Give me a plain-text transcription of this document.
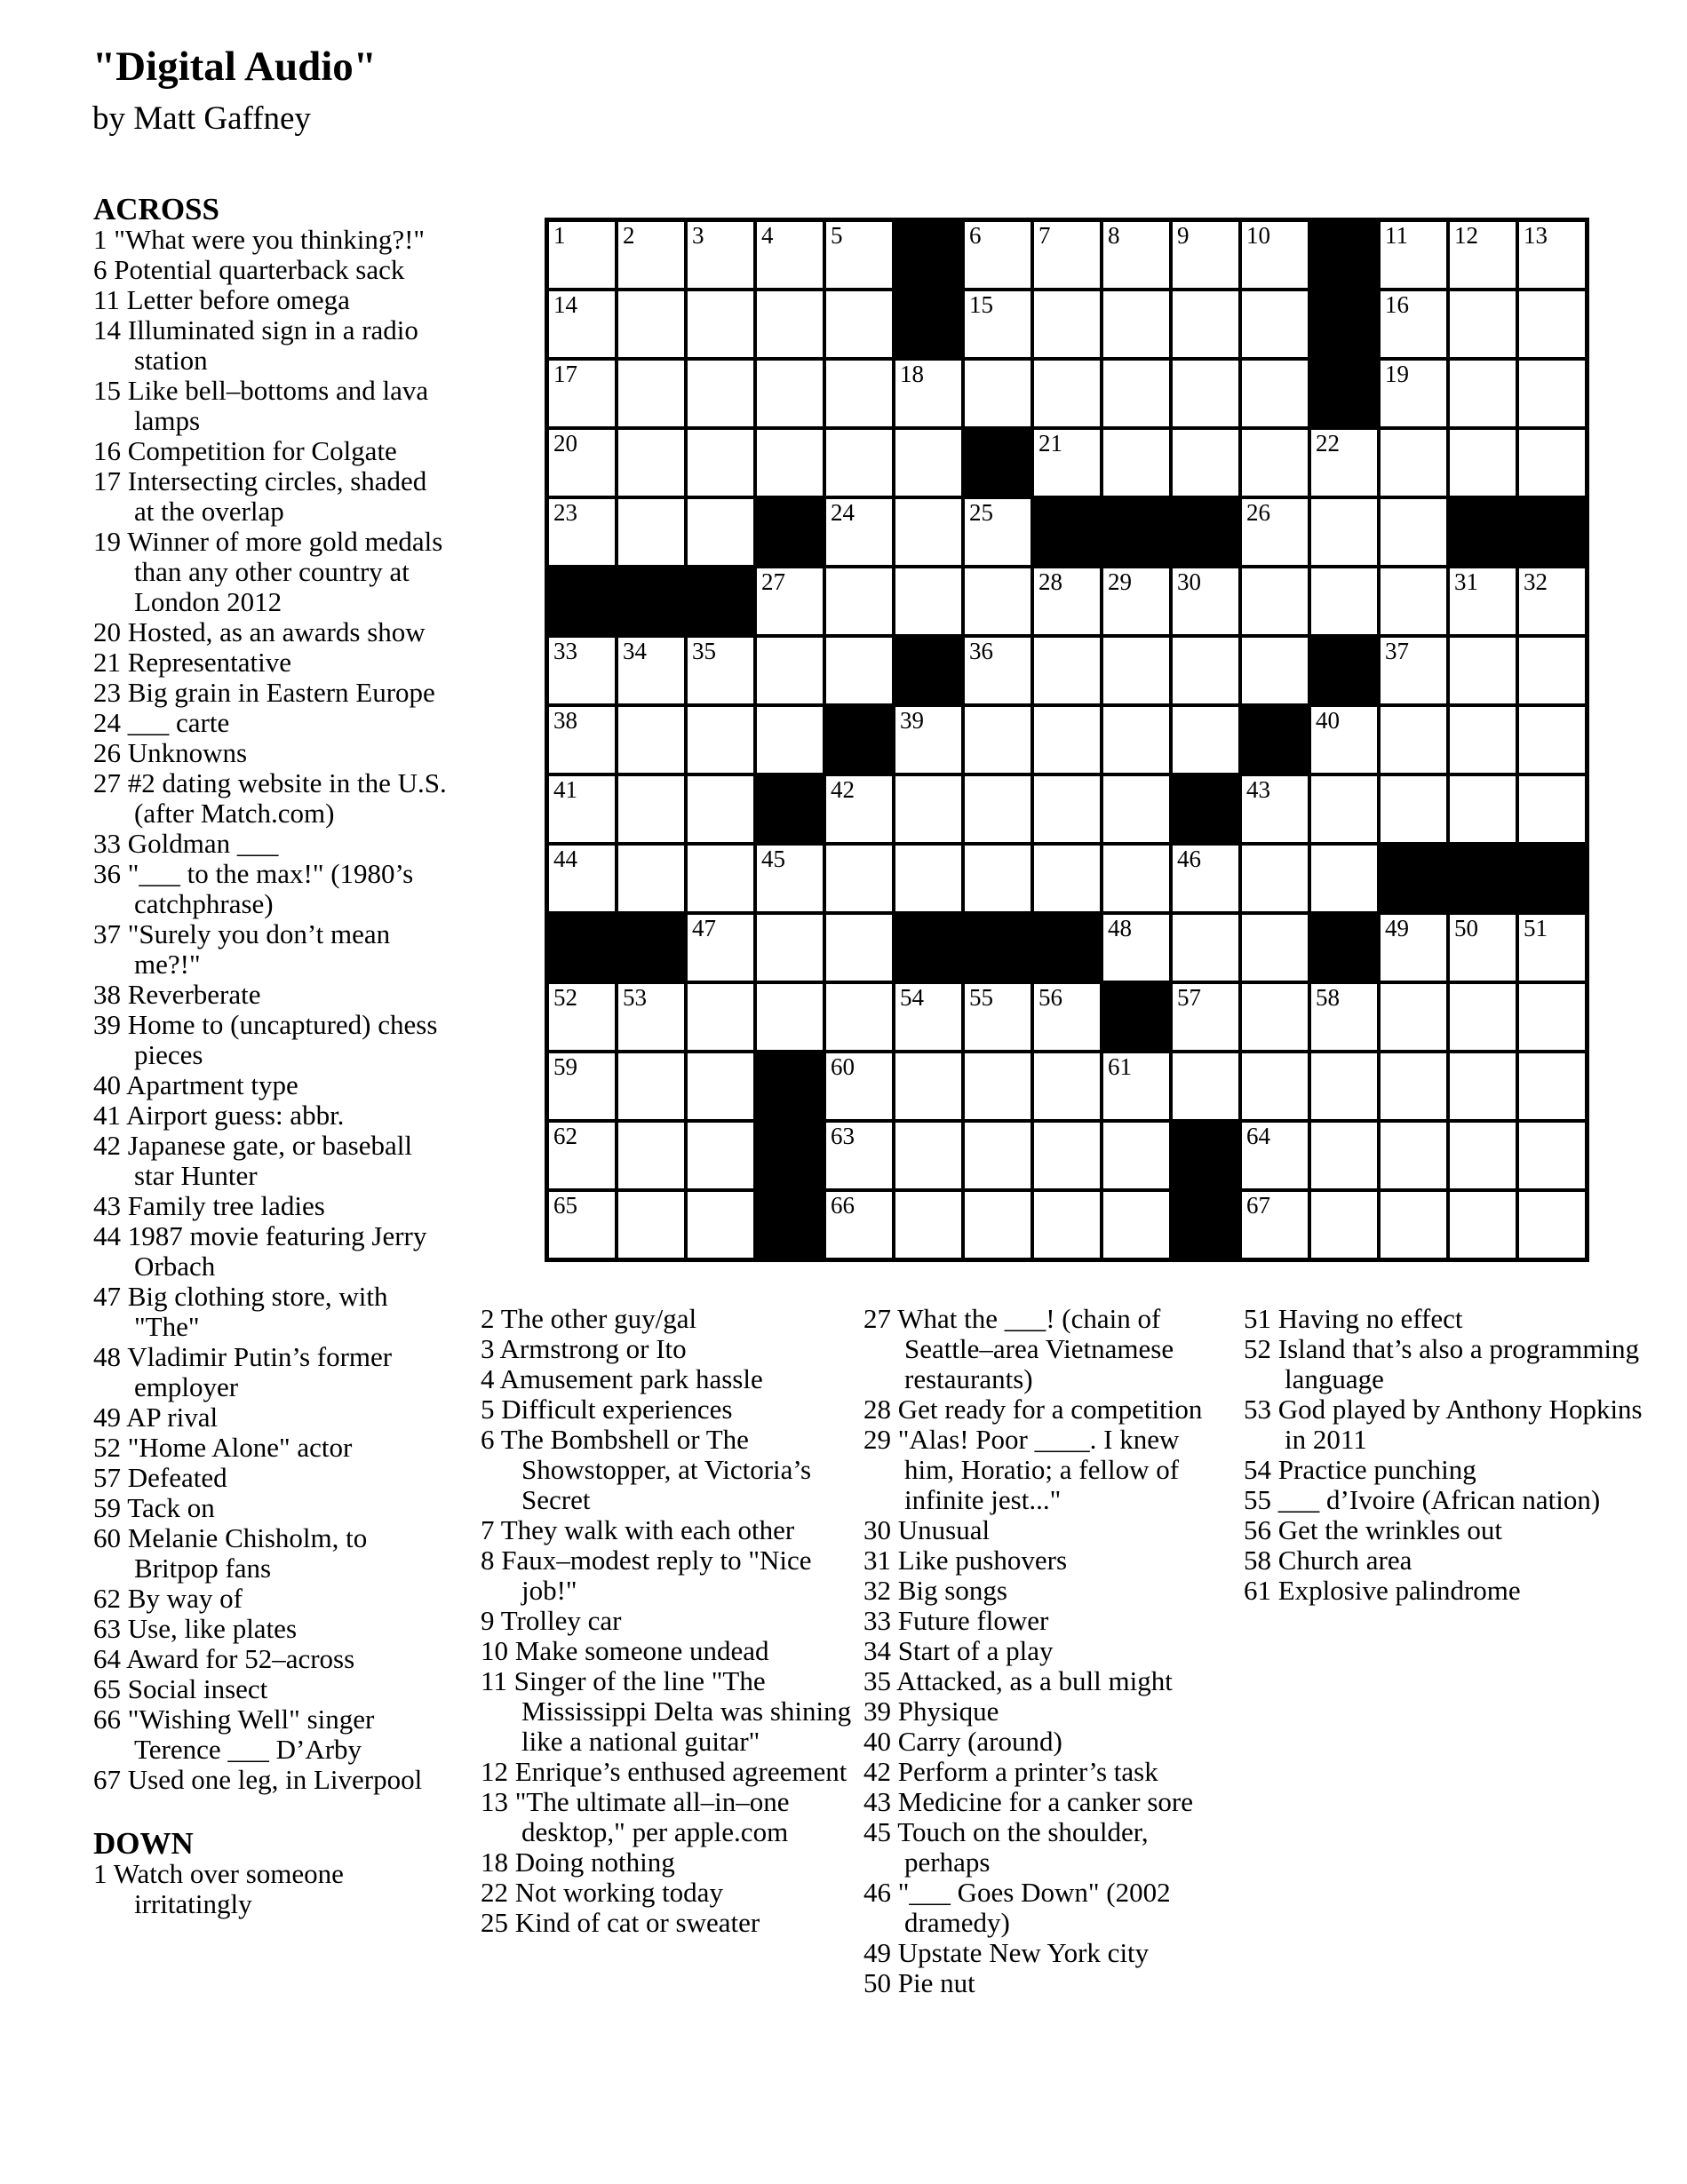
"Digital Audio"
by Matt Gaffney
ACROSS
1 "What were you thinking?!"
6 Potential quarterback sack
11 Letter before omega
14 Illuminated sign in a radio station
15 Like bell–bottoms and lava lamps
16 Competition for Colgate
17 Intersecting circles, shaded at the overlap
19 Winner of more gold medals than any other country at London 2012
20 Hosted, as an awards show
21 Representative
23 Big grain in Eastern Europe
24 ___ carte
26 Unknowns
27 #2 dating website in the U.S. (after Match.com)
33 Goldman ___
36 "___ to the max!" (1980’s catchphrase)
37 "Surely you don’t mean me?!"
38 Reverberate
39 Home to (uncaptured) chess pieces
40 Apartment type
41 Airport guess: abbr.
42 Japanese gate, or baseball star Hunter
43 Family tree ladies
44 1987 movie featuring Jerry Orbach
47 Big clothing store, with "The"
48 Vladimir Putin’s former employer
49 AP rival
52 "Home Alone" actor
57 Defeated
59 Tack on
60 Melanie Chisholm, to Britpop fans
62 By way of
63 Use, like plates
64 Award for 52–across
65 Social insect
66 "Wishing Well" singer Terence ___ D’Arby
67 Used one leg, in Liverpool
DOWN
1 Watch over someone irritatingly
1 2 3 4 5	6 7 8 9 10	11 12 13
14	15	16
17	18	19
20	21	22
23	24	25	26
27	28 29 30	31 32
33 34 35	36	37
38	39	40
41	42	43
44	45	46
47	48	49 50 51
52 53	54 55 56	57	58
59	60	61
62	63	64
65	66	67
2 The other guy/gal
3 Armstrong or Ito
4 Amusement park hassle
5 Difficult experiences
6 The Bombshell or The Showstopper, at Victoria’s Secret
7 They walk with each other
8 Faux–modest reply to "Nice job!"
9 Trolley car
10 Make someone undead
11 Singer of the line "The Mississippi Delta was shining like a national guitar"
12 Enrique’s enthused agreement
13 "The ultimate all–in–one desktop," per apple.com
18 Doing nothing
22 Not working today
25 Kind of cat or sweater
27 What the ___! (chain of Seattle–area Vietnamese restaurants)
28 Get ready for a competition
29 "Alas! Poor ____. I knew him, Horatio; a fellow of infinite jest..."
30 Unusual
31 Like pushovers
32 Big songs
33 Future flower
34 Start of a play
35 Attacked, as a bull might
39 Physique
40 Carry (around)
42 Perform a printer’s task
43 Medicine for a canker sore
45 Touch on the shoulder, perhaps
46 "___ Goes Down" (2002 dramedy)
49 Upstate New York city
50 Pie nut
51 Having no effect
52 Island that’s also a programming language
53 God played by Anthony Hopkins in 2011
54 Practice punching
55 ___ d’Ivoire (African nation)
56 Get the wrinkles out
58 Church area
61 Explosive palindrome
